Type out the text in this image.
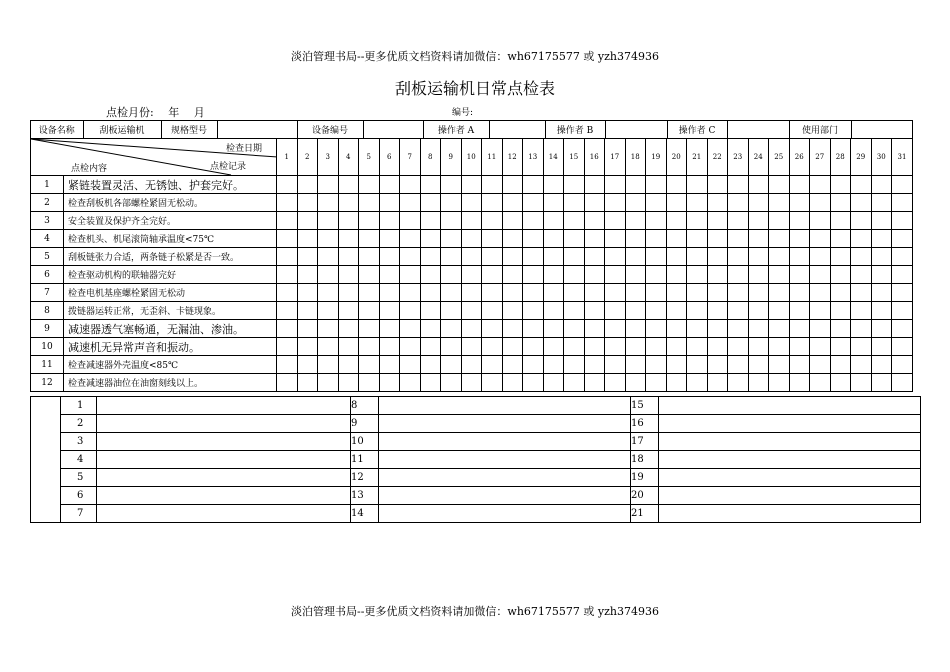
淡泊管理书局--更多优质文档资料请加微信：wh67175577 或 yzh374936
刮板运输机日常点检表
点检月份:　 年　 月	编号:
设备名称	刮板运输机	规格型号		设备编号		操作者 A		操作者 B		操作者 C		使用部门	

检查日期
点检记录
点检内容
	1	2	3	4	5	6	7	8	9	10	11	12	13	14	15	16	17	18	19	20	21	22	23	24	25	26	27	28	29	30	31
1	紧链装置灵活、无锈蚀、护套完好。																															
2	检查刮板机各部螺栓紧固无松动。																															
3	安全装置及保护齐全完好。																															
4	检查机头、机尾滚筒轴承温度<75℃																															
5	刮板链张力合适，两条链子松紧是否一致。																															
6	检查驱动机构的联轴器完好																															
7	检查电机基座螺栓紧固无松动																															
8	拨链器运转正常，无歪斜、卡链现象。																															
9	减速器透气塞畅通，无漏油、渗油。																															
10	减速机无异常声音和振动。																															
11	检查减速器外壳温度<85℃																															
12	检查减速器油位在油窗刻线以上。																															
	1		8		15	
	2		9		16	
	3		10		17	
	4		11		18	
	5		12		19	
	6		13		20	
	7		14		21	
淡泊管理书局--更多优质文档资料请加微信：wh67175577 或 yzh374936
